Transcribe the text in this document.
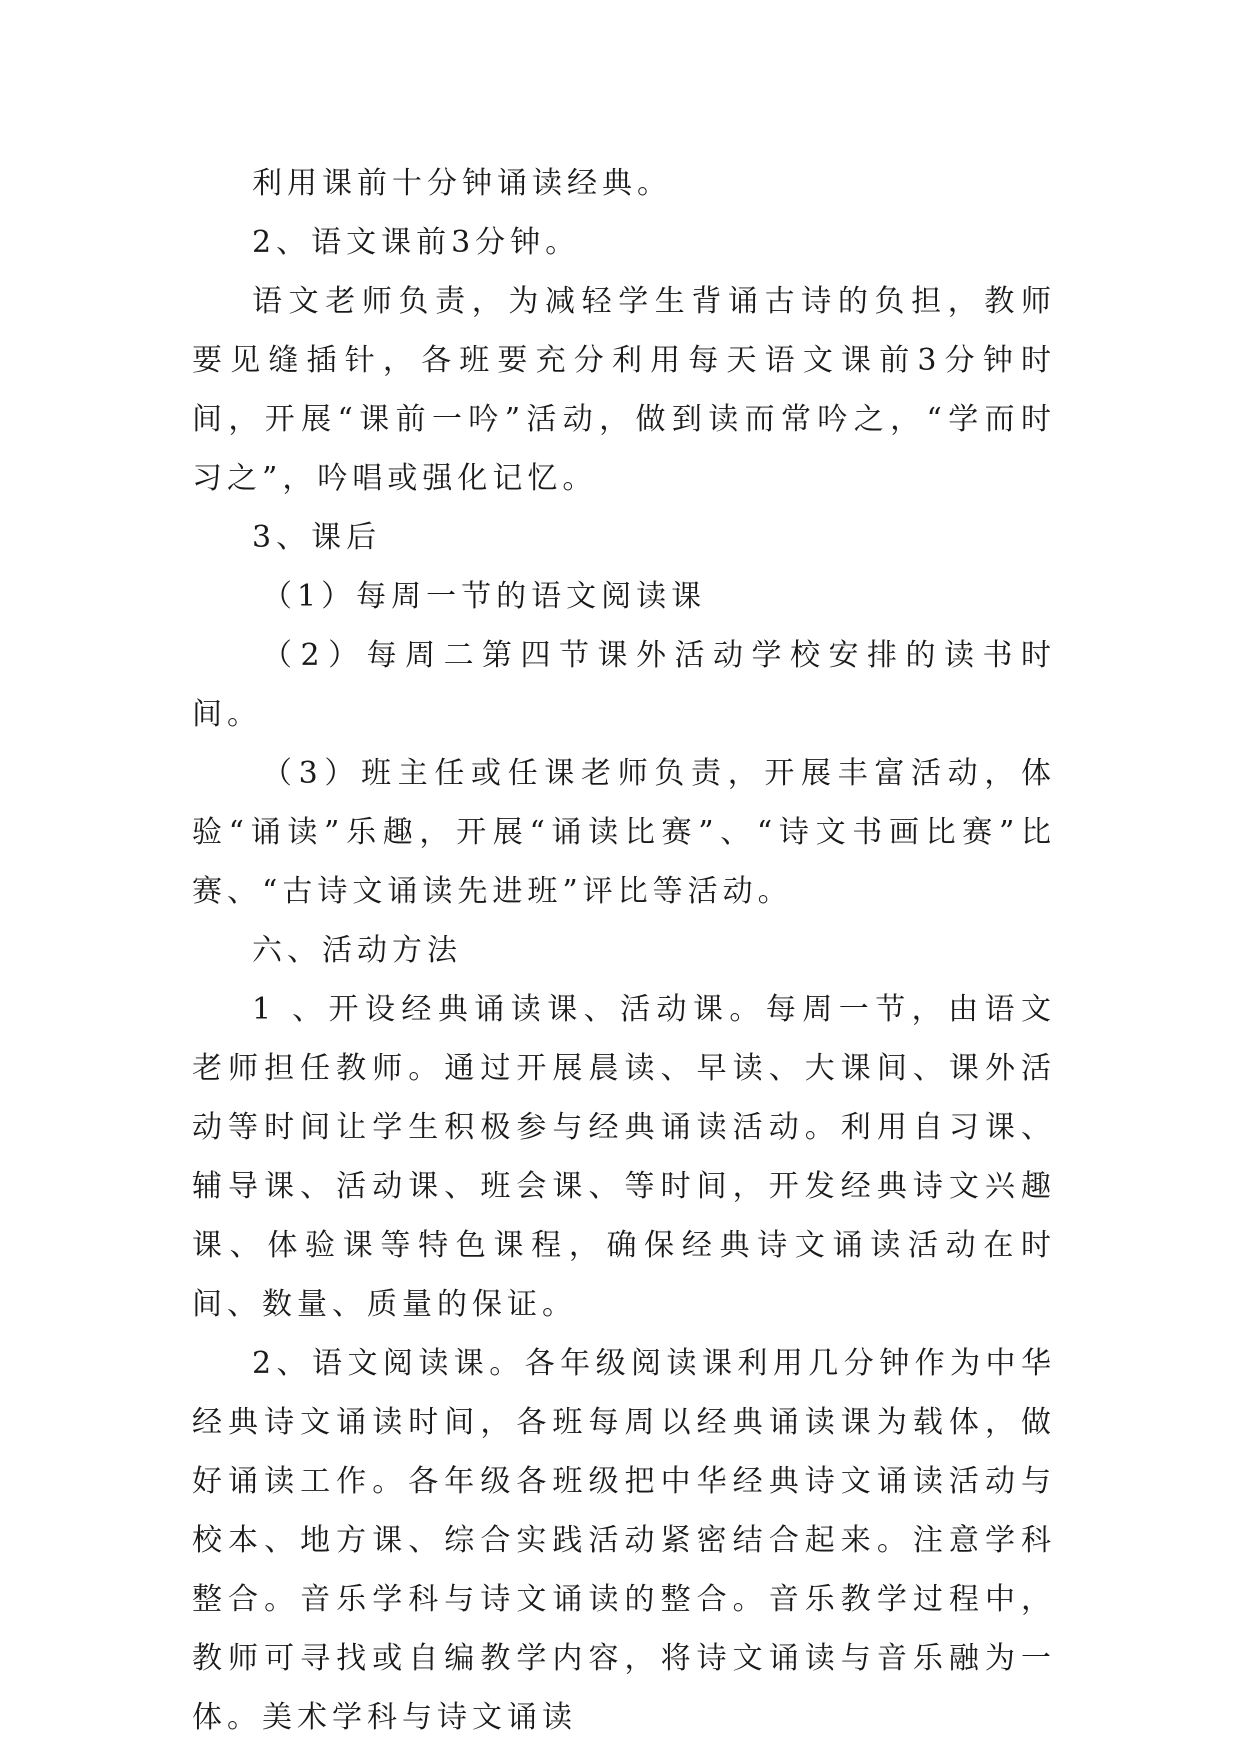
利用课前十分钟诵读经典。

2、语文课前3分钟。

语文老师负责，为减轻学生背诵古诗的负担，教师要见缝插针，各班要充分利用每天语文课前3分钟时间，开展“课前一吟”活动，做到读而常吟之，“学而时习之”，吟唱或强化记忆。

3、课后

（1）每周一节的语文阅读课

（2）每周二第四节课外活动学校安排的读书时间。

（3）班主任或任课老师负责，开展丰富活动，体验“诵读”乐趣，开展“诵读比赛”、“诗文书画比赛”比赛、“古诗文诵读先进班”评比等活动。

六、活动方法

1 、开设经典诵读课、活动课。每周一节，由语文老师担任教师。通过开展晨读、早读、大课间、课外活动等时间让学生积极参与经典诵读活动。利用自习课、辅导课、活动课、班会课、等时间，开发经典诗文兴趣课、体验课等特色课程，确保经典诗文诵读活动在时间、数量、质量的保证。

2、语文阅读课。各年级阅读课利用几分钟作为中华经典诗文诵读时间，各班每周以经典诵读课为载体，做好诵读工作。各年级各班级把中华经典诗文诵读活动与校本、地方课、综合实践活动紧密结合起来。注意学科整合。音乐学科与诗文诵读的整合。音乐教学过程中，教师可寻找或自编教学内容，将诗文诵读与音乐融为一体。美术学科与诗文诵读
